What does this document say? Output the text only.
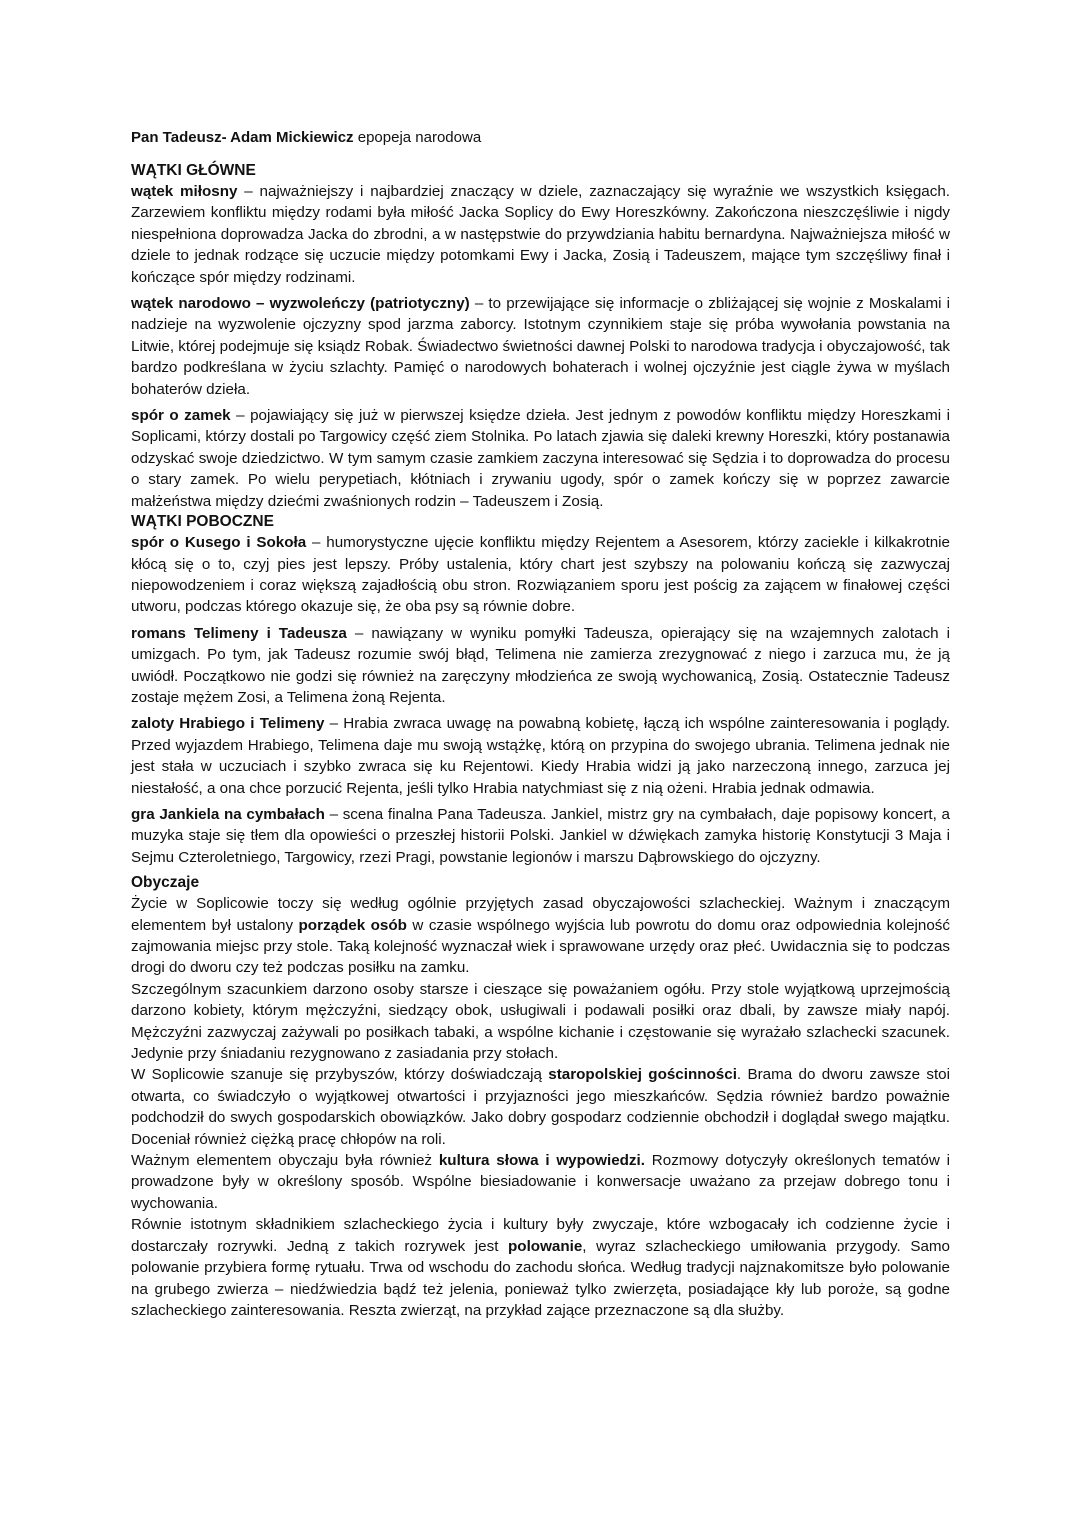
Pan Tadeusz- Adam Mickiewicz epopeja narodowa

WĄTKI GŁÓWNE

wątek miłosny – najważniejszy i najbardziej znaczący w dziele, zaznaczający się wyraźnie we wszystkich księgach. Zarzewiem konfliktu między rodami była miłość Jacka Soplicy do Ewy Horeszkówny. Zakończona nieszczęśliwie i nigdy niespełniona doprowadza Jacka do zbrodni, a w następstwie do przywdziania habitu bernardyna. Najważniejsza miłość w dziele to jednak rodzące się uczucie między potomkami Ewy i Jacka, Zosią i Tadeuszem, mające tym szczęśliwy finał i kończące spór między rodzinami.

wątek narodowo – wyzwoleńczy (patriotyczny) – to przewijające się informacje o zbliżającej się wojnie z Moskalami i nadzieje na wyzwolenie ojczyzny spod jarzma zaborcy. Istotnym czynnikiem staje się próba wywołania powstania na Litwie, której podejmuje się ksiądz Robak. Świadectwo świetności dawnej Polski to narodowa tradycja i obyczajowość, tak bardzo podkreślana w życiu szlachty. Pamięć o narodowych bohaterach i wolnej ojczyźnie jest ciągle żywa w myślach bohaterów dzieła.

spór o zamek – pojawiający się już w pierwszej księdze dzieła. Jest jednym z powodów konfliktu między Horeszkami i Soplicami, którzy dostali po Targowicy część ziem Stolnika. Po latach zjawia się daleki krewny Horeszki, który postanawia odzyskać swoje dziedzictwo. W tym samym czasie zamkiem zaczyna interesować się Sędzia i to doprowadza do procesu o stary zamek. Po wielu perypetiach, kłótniach i zrywaniu ugody, spór o zamek kończy się w poprzez zawarcie małżeństwa między dziećmi zwaśnionych rodzin – Tadeuszem i Zosią.

WĄTKI POBOCZNE

spór o Kusego i Sokoła – humorystyczne ujęcie konfliktu między Rejentem a Asesorem, którzy zaciekle i kilkakrotnie kłócą się o to, czyj pies jest lepszy. Próby ustalenia, który chart jest szybszy na polowaniu kończą się zazwyczaj niepowodzeniem i coraz większą zajadłością obu stron. Rozwiązaniem sporu jest pościg za zającem w finałowej części utworu, podczas którego okazuje się, że oba psy są równie dobre.

romans Telimeny i Tadeusza – nawiązany w wyniku pomyłki Tadeusza, opierający się na wzajemnych zalotach i umizgach. Po tym, jak Tadeusz rozumie swój błąd, Telimena nie zamierza zrezygnować z niego i zarzuca mu, że ją uwiódł. Początkowo nie godzi się również na zaręczyny młodzieńca ze swoją wychowanicą, Zosią. Ostatecznie Tadeusz zostaje mężem Zosi, a Telimena żoną Rejenta.

zaloty Hrabiego i Telimeny – Hrabia zwraca uwagę na powabną kobietę, łączą ich wspólne zainteresowania i poglądy. Przed wyjazdem Hrabiego, Telimena daje mu swoją wstążkę, którą on przypina do swojego ubrania. Telimena jednak nie jest stała w uczuciach i szybko zwraca się ku Rejentowi. Kiedy Hrabia widzi ją jako narzeczoną innego, zarzuca jej niestałość, a ona chce porzucić Rejenta, jeśli tylko Hrabia natychmiast się z nią ożeni. Hrabia jednak odmawia.

gra Jankiela na cymbałach – scena finalna Pana Tadeusza. Jankiel, mistrz gry na cymbałach, daje popisowy koncert, a muzyka staje się tłem dla opowieści o przeszłej historii Polski. Jankiel w dźwiękach zamyka historię Konstytucji 3 Maja i Sejmu Czteroletniego, Targowicy, rzezi Pragi, powstanie legionów i marszu Dąbrowskiego do ojczyzny.

Obyczaje

Życie w Soplicowie toczy się według ogólnie przyjętych zasad obyczajowości szlacheckiej. Ważnym i znaczącym elementem był ustalony porządek osób w czasie wspólnego wyjścia lub powrotu do domu oraz odpowiednia kolejność zajmowania miejsc przy stole. Taką kolejność wyznaczał wiek i sprawowane urzędy oraz płeć. Uwidacznia się to podczas drogi do dworu czy też podczas posiłku na zamku.

Szczególnym szacunkiem darzono osoby starsze i cieszące się poważaniem ogółu. Przy stole wyjątkową uprzejmością darzono kobiety, którym mężczyźni, siedzący obok, usługiwali i podawali posiłki oraz dbali, by zawsze miały napój. Mężczyźni zazwyczaj zażywali po posiłkach tabaki, a wspólne kichanie i częstowanie się wyrażało szlachecki szacunek. Jedynie przy śniadaniu rezygnowano z zasiadania przy stołach.

W Soplicowie szanuje się przybyszów, którzy doświadczają staropolskiej gościnności. Brama do dworu zawsze stoi otwarta, co świadczyło o wyjątkowej otwartości i przyjazności jego mieszkańców. Sędzia również bardzo poważnie podchodził do swych gospodarskich obowiązków. Jako dobry gospodarz codziennie obchodził i doglądał swego majątku. Doceniał również ciężką pracę chłopów na roli.

Ważnym elementem obyczaju była również kultura słowa i wypowiedzi. Rozmowy dotyczyły określonych tematów i prowadzone były w określony sposób. Wspólne biesiadowanie i konwersacje uważano za przejaw dobrego tonu i wychowania.

Równie istotnym składnikiem szlacheckiego życia i kultury były zwyczaje, które wzbogacały ich codzienne życie i dostarczały rozrywki. Jedną z takich rozrywek jest polowanie, wyraz szlacheckiego umiłowania przygody. Samo polowanie przybiera formę rytuału. Trwa od wschodu do zachodu słońca. Według tradycji najznakomitsze było polowanie na grubego zwierza – niedźwiedzia bądź też jelenia, ponieważ tylko zwierzęta, posiadające kły lub poroże, są godne szlacheckiego zainteresowania. Reszta zwierząt, na przykład zające przeznaczone są dla służby.
